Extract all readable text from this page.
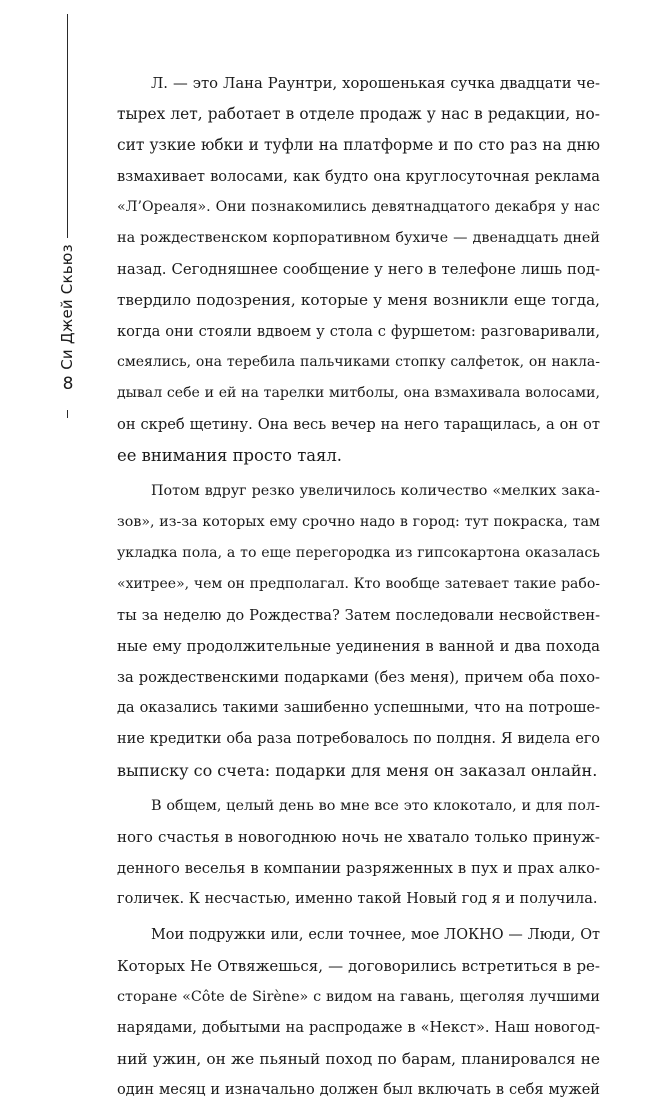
Си Джей Скьюз
8
Л. — это Лана Раунтри, хорошенькая сучка двадцати че-
тырех лет, работает в отделе продаж у нас в редакции, но-
сит узкие юбки и туфли на платформе и по сто раз на дню
взмахивает волосами, как будто она круглосуточная реклама
«Л’Ореаля». Они познакомились девятнадцатого декабря у нас
на рождественском корпоративном бухиче — двенадцать дней
назад. Сегодняшнее сообщение у него в телефоне лишь под-
твердило подозрения, которые у меня возникли еще тогда,
когда они стояли вдвоем у стола с фуршетом: разговаривали,
смеялись, она теребила пальчиками стопку салфеток, он накла-
дывал себе и ей на тарелки митболы, она взмахивала волосами,
он скреб щетину. Она весь вечер на него таращилась, а он от
ее внимания просто таял.
Потом вдруг резко увеличилось количество «мелких зака-
зов», из-за которых ему срочно надо в город: тут покраска, там
укладка пола, а то еще перегородка из гипсокартона оказалась
«хитрее», чем он предполагал. Кто вообще затевает такие рабо-
ты за неделю до Рождества? Затем последовали несвойствен-
ные ему продолжительные уединения в ванной и два похода
за рождественскими подарками (без меня), причем оба похо-
да оказались такими зашибенно успешными, что на потроше-
ние кредитки оба раза потребовалось по полдня. Я видела его
выписку со счета: подарки для меня он заказал онлайн.
В общем, целый день во мне все это клокотало, и для пол-
ного счастья в новогоднюю ночь не хватало только принуж-
денного веселья в компании разряженных в пух и прах алко-
голичек. К несчастью, именно такой Новый год я и получила.
Мои подружки или, если точнее, мое ЛОКНО — Люди, От
Которых Не Отвяжешься, — договорились встретиться в ре-
сторане «Côte de Sirène» с видом на гавань, щеголяя лучшими
нарядами, добытыми на распродаже в «Некст». Наш новогод-
ний ужин, он же пьяный поход по барам, планировался не
один месяц и изначально должен был включать в себя мужей
